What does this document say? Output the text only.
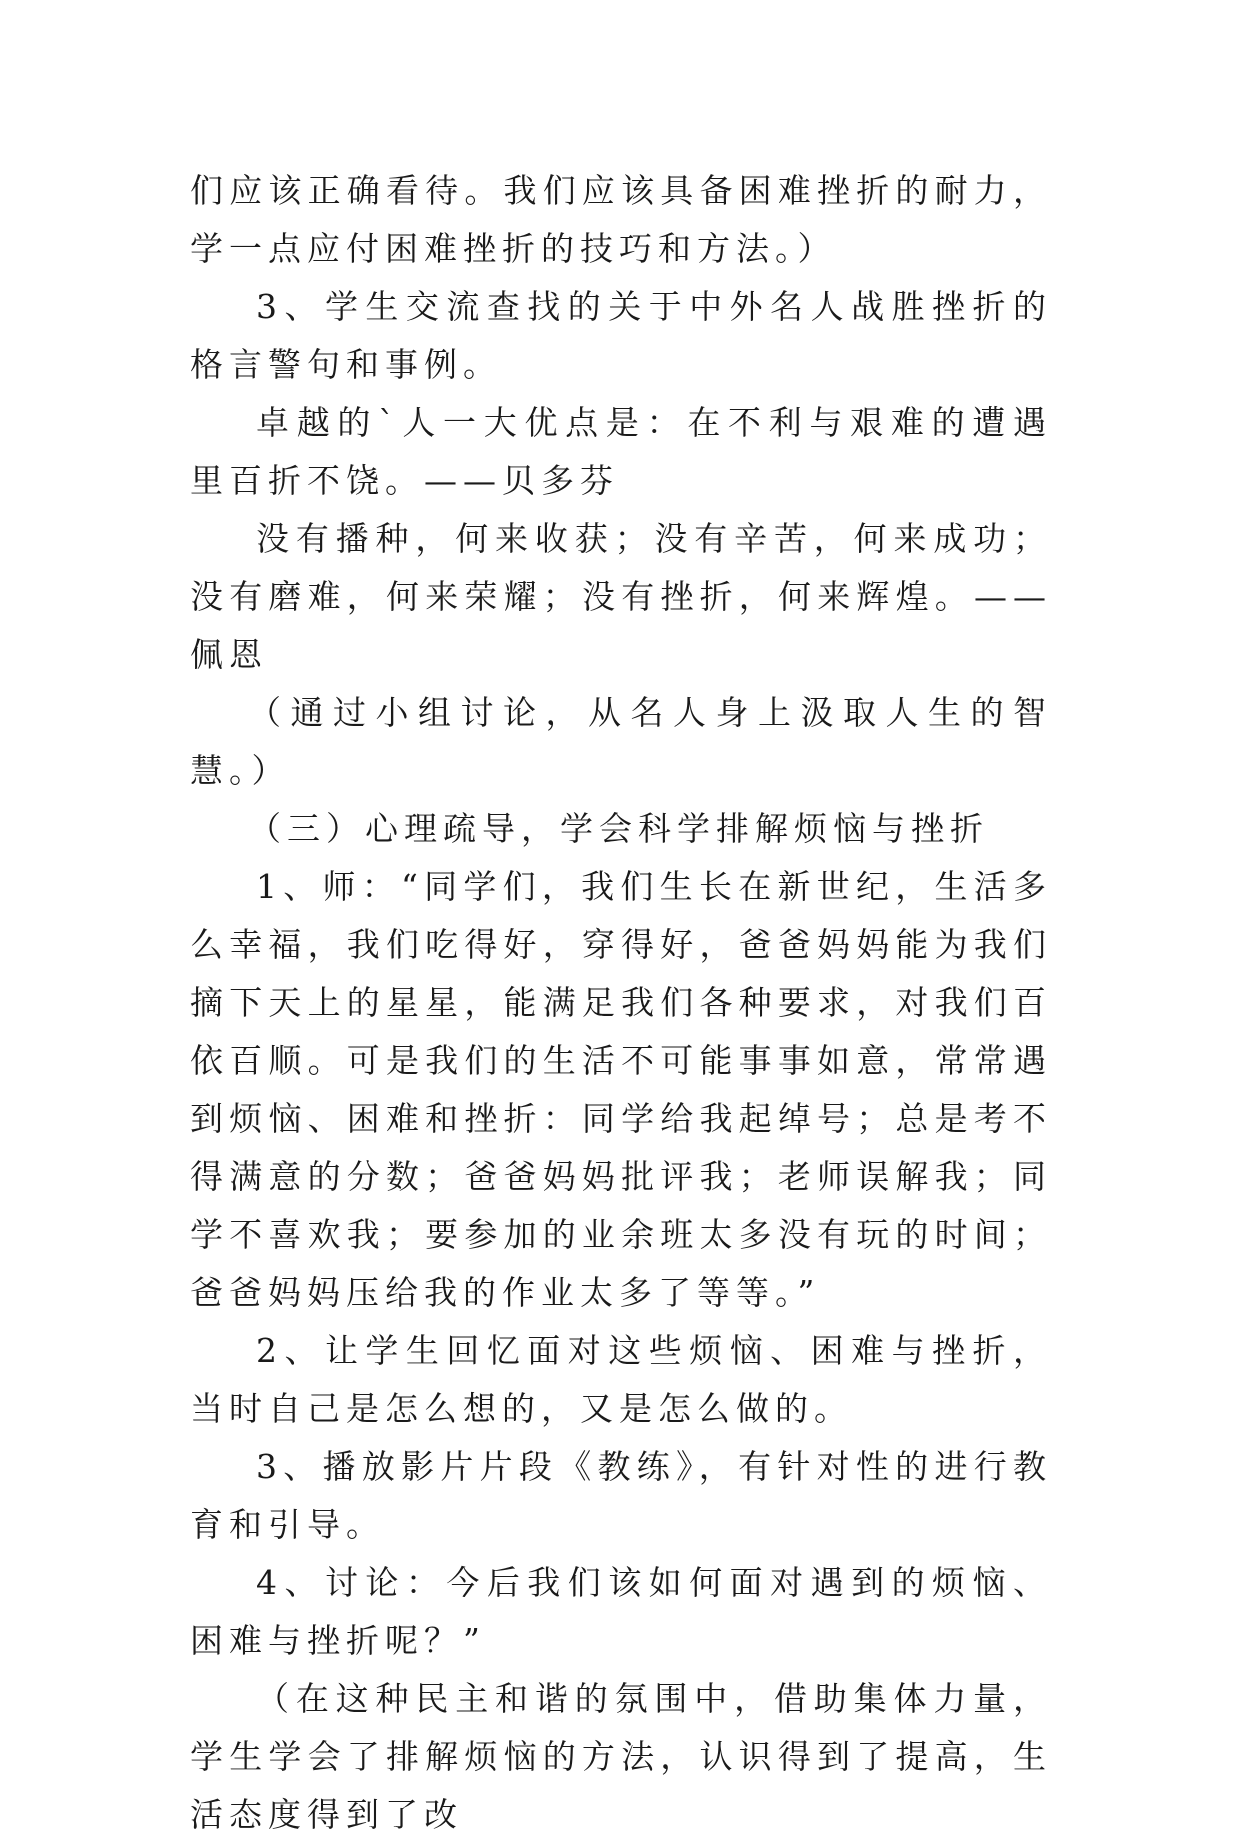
们应该正确看待。我们应该具备困难挫折的耐力，学一点应付困难挫折的技巧和方法。）

3、学生交流查找的关于中外名人战胜挫折的格言警句和事例。

卓越的`人一大优点是：在不利与艰难的遭遇里百折不饶。——贝多芬

没有播种，何来收获；没有辛苦，何来成功；没有磨难，何来荣耀；没有挫折，何来辉煌。——佩恩

（通过小组讨论，从名人身上汲取人生的智慧。）

（三）心理疏导，学会科学排解烦恼与挫折

1、师：“同学们，我们生长在新世纪，生活多么幸福，我们吃得好，穿得好，爸爸妈妈能为我们摘下天上的星星，能满足我们各种要求，对我们百依百顺。可是我们的生活不可能事事如意，常常遇到烦恼、困难和挫折：同学给我起绰号；总是考不得满意的分数；爸爸妈妈批评我；老师误解我；同学不喜欢我；要参加的业余班太多没有玩的时间；爸爸妈妈压给我的作业太多了等等。”

2、让学生回忆面对这些烦恼、困难与挫折，当时自己是怎么想的，又是怎么做的。

3、播放影片片段《教练》，有针对性的进行教育和引导。

4、讨论：今后我们该如何面对遇到的烦恼、困难与挫折呢？”

（在这种民主和谐的氛围中，借助集体力量，学生学会了排解烦恼的方法，认识得到了提高，生活态度得到了改
